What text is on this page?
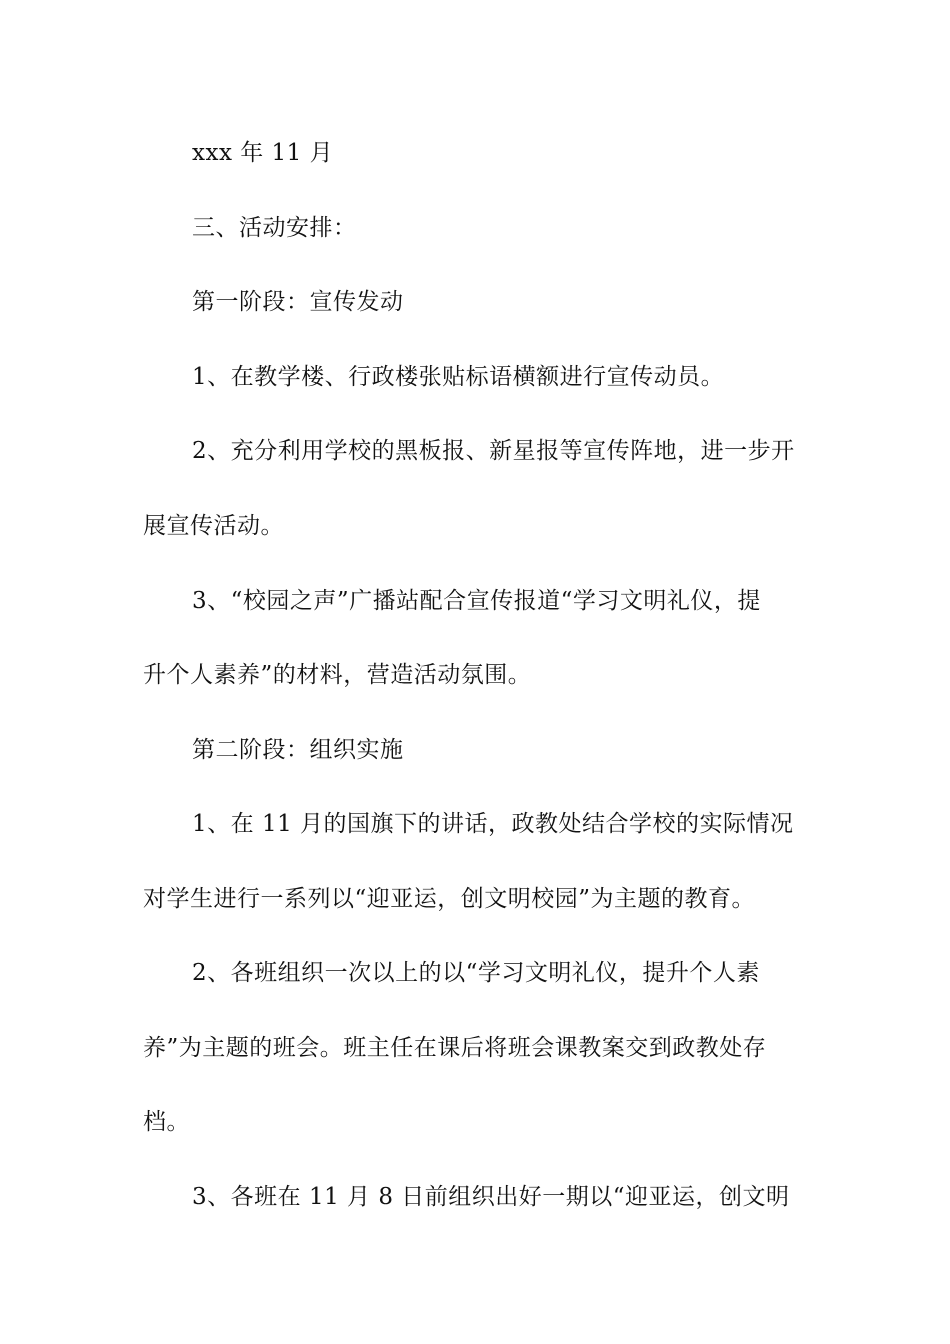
xxx 年 11 月
三、活动安排：
第一阶段：宣传发动
1、在教学楼、行政楼张贴标语横额进行宣传动员。
2、充分利用学校的黑板报、新星报等宣传阵地，进一步开
展宣传活动。
3、“校园之声”广播站配合宣传报道“学习文明礼仪，提
升个人素养”的材料，营造活动氛围。
第二阶段：组织实施
1、在 11 月的国旗下的讲话，政教处结合学校的实际情况
对学生进行一系列以“迎亚运，创文明校园”为主题的教育。
2、各班组织一次以上的以“学习文明礼仪，提升个人素
养”为主题的班会。班主任在课后将班会课教案交到政教处存
档。
3、各班在 11 月 8 日前组织出好一期以“迎亚运，创文明
